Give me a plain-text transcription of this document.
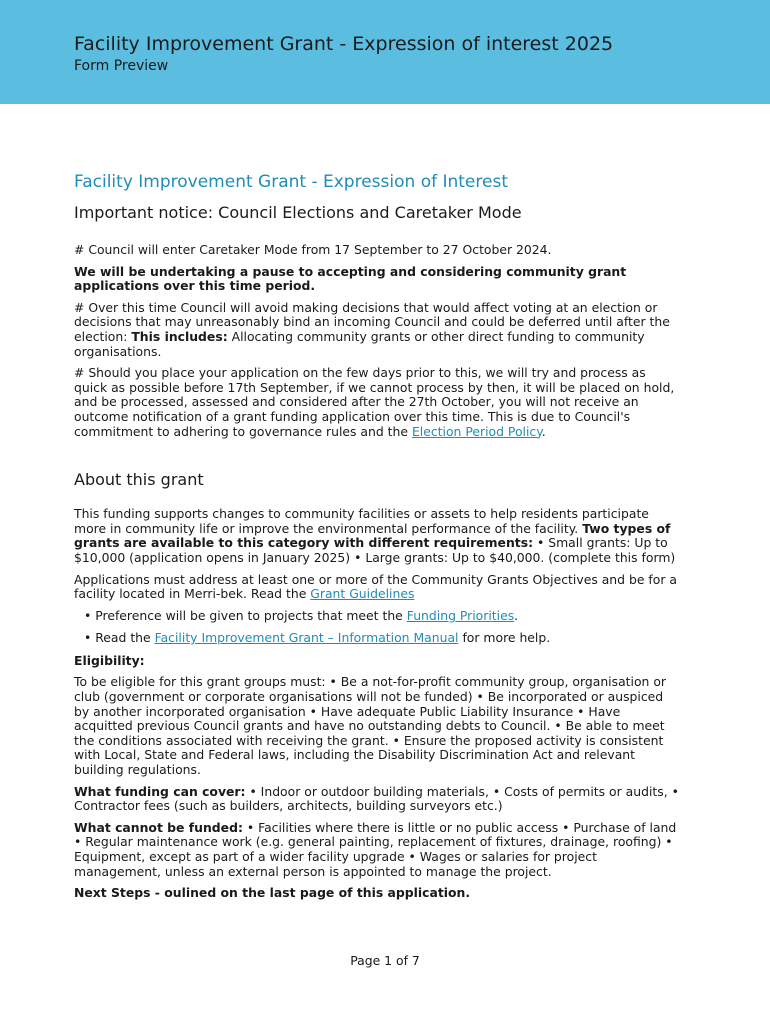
Facility Improvement Grant - Expression of interest 2025
Form Preview
Facility Improvement Grant - Expression of Interest
Important notice: Council Elections and Caretaker Mode

# Council will enter Caretaker Mode from 17 September to 27 October 2024.

We will be undertaking a pause to accepting and considering community grant applications over this time period.

# Over this time Council will avoid making decisions that would affect voting at an election or decisions that may unreasonably bind an incoming Council and could be deferred until after the election: This includes: Allocating community grants or other direct funding to community organisations.

# Should you place your application on the few days prior to this, we will try and process as quick as possible before 17th September, if we cannot process by then, it will be placed on hold, and be processed, assessed and considered after the 27th October, you will not receive an outcome notification of a grant funding application over this time. This is due to Council's commitment to adhering to governance rules and the Election Period Policy.

About this grant

This funding supports changes to community facilities or assets to help residents participate more in community life or improve the environmental performance of the facility. Two types of grants are available to this category with different requirements: • Small grants: Up to $10,000 (application opens in January 2025) • Large grants: Up to $40,000. (complete this form)

Applications must address at least one or more of the Community Grants Objectives and be for a facility located in Merri-bek. Read the Grant Guidelines

• Preference will be given to projects that meet the Funding Priorities.

• Read the Facility Improvement Grant – Information Manual for more help.

Eligibility:

To be eligible for this grant groups must: • Be a not-for-profit community group, organisation or club (government or corporate organisations will not be funded) • Be incorporated or auspiced by another incorporated organisation • Have adequate Public Liability Insurance • Have acquitted previous Council grants and have no outstanding debts to Council. • Be able to meet the conditions associated with receiving the grant. • Ensure the proposed activity is consistent with Local, State and Federal laws, including the Disability Discrimination Act and relevant building regulations.

What funding can cover: • Indoor or outdoor building materials, • Costs of permits or audits, • Contractor fees (such as builders, architects, building surveyors etc.)

What cannot be funded: • Facilities where there is little or no public access • Purchase of land • Regular maintenance work (e.g. general painting, replacement of fixtures, drainage, roofing) • Equipment, except as part of a wider facility upgrade • Wages or salaries for project management, unless an external person is appointed to manage the project.

Next Steps - oulined on the last page of this application.

Page 1 of 7
